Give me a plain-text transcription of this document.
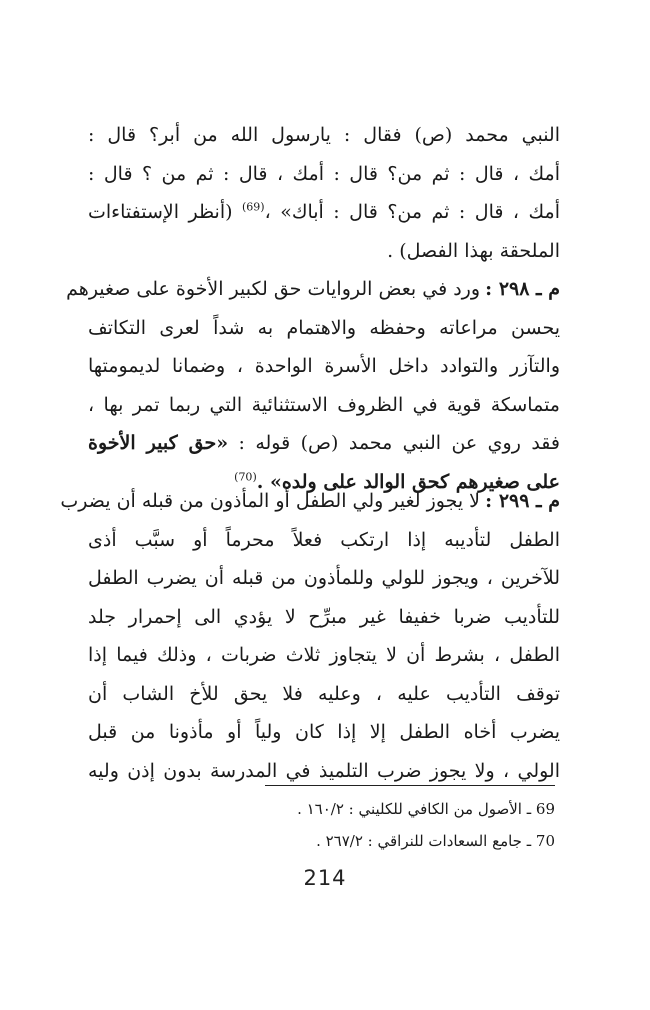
النبي محمد (ص) فقال : يارسول الله من أبر؟ قال :
أمك ، قال : ثم من؟ قال : أمك ، قال : ثم من ؟ قال :
أمك ، قال : ثم من؟ قال : أباك» ،$^{(69)}$ (أنظر الإستفتاءات
الملحقة بهذا الفصل) .
م ـ ٢٩٨ :
ورد في بعض الروايات حق لكبير الأخوة على صغيرهم
يحسن مراعاته وحفظه والاهتمام به شداً لعرى التكاتف
والتآزر والتوادد داخل الأسرة الواحدة ، وضمانا لديمومتها
متماسكة قوية في الظروف الاستثنائية التي ربما تمر بها ،
فقد روي عن النبي محمد (ص) قوله : «حق كبير الأخوة
على صغيرهم كحق الوالد على ولده» .$^{(70)}$
م ـ ٢٩٩ :
لا يجوز لغير ولي الطفل أو المأذون من قبله أن يضرب
الطفل لتأديبه إذا ارتكب فعلاً محرماً أو سبَّب أذى
للآخرين ، ويجوز للولي وللمأذون من قبله أن يضرب الطفل
للتأديب ضربا خفيفا غير مبرِّح لا يؤدي الى إحمرار جلد
الطفل ، بشرط أن لا يتجاوز ثلاث ضربات ، وذلك فيما إذا
توقف التأديب عليه ، وعليه فلا يحق للأخ الشاب أن
يضرب أخاه الطفل إلا إذا كان ولياً أو مأذونا من قبل
الولي ، ولا يجوز ضرب التلميذ في المدرسة بدون إذن وليه
69 ـ الأصول من الكافي للكليني : ١٦٠/٢ .
70 ـ جامع السعادات للنراقي : ٢٦٧/٢ .
214
